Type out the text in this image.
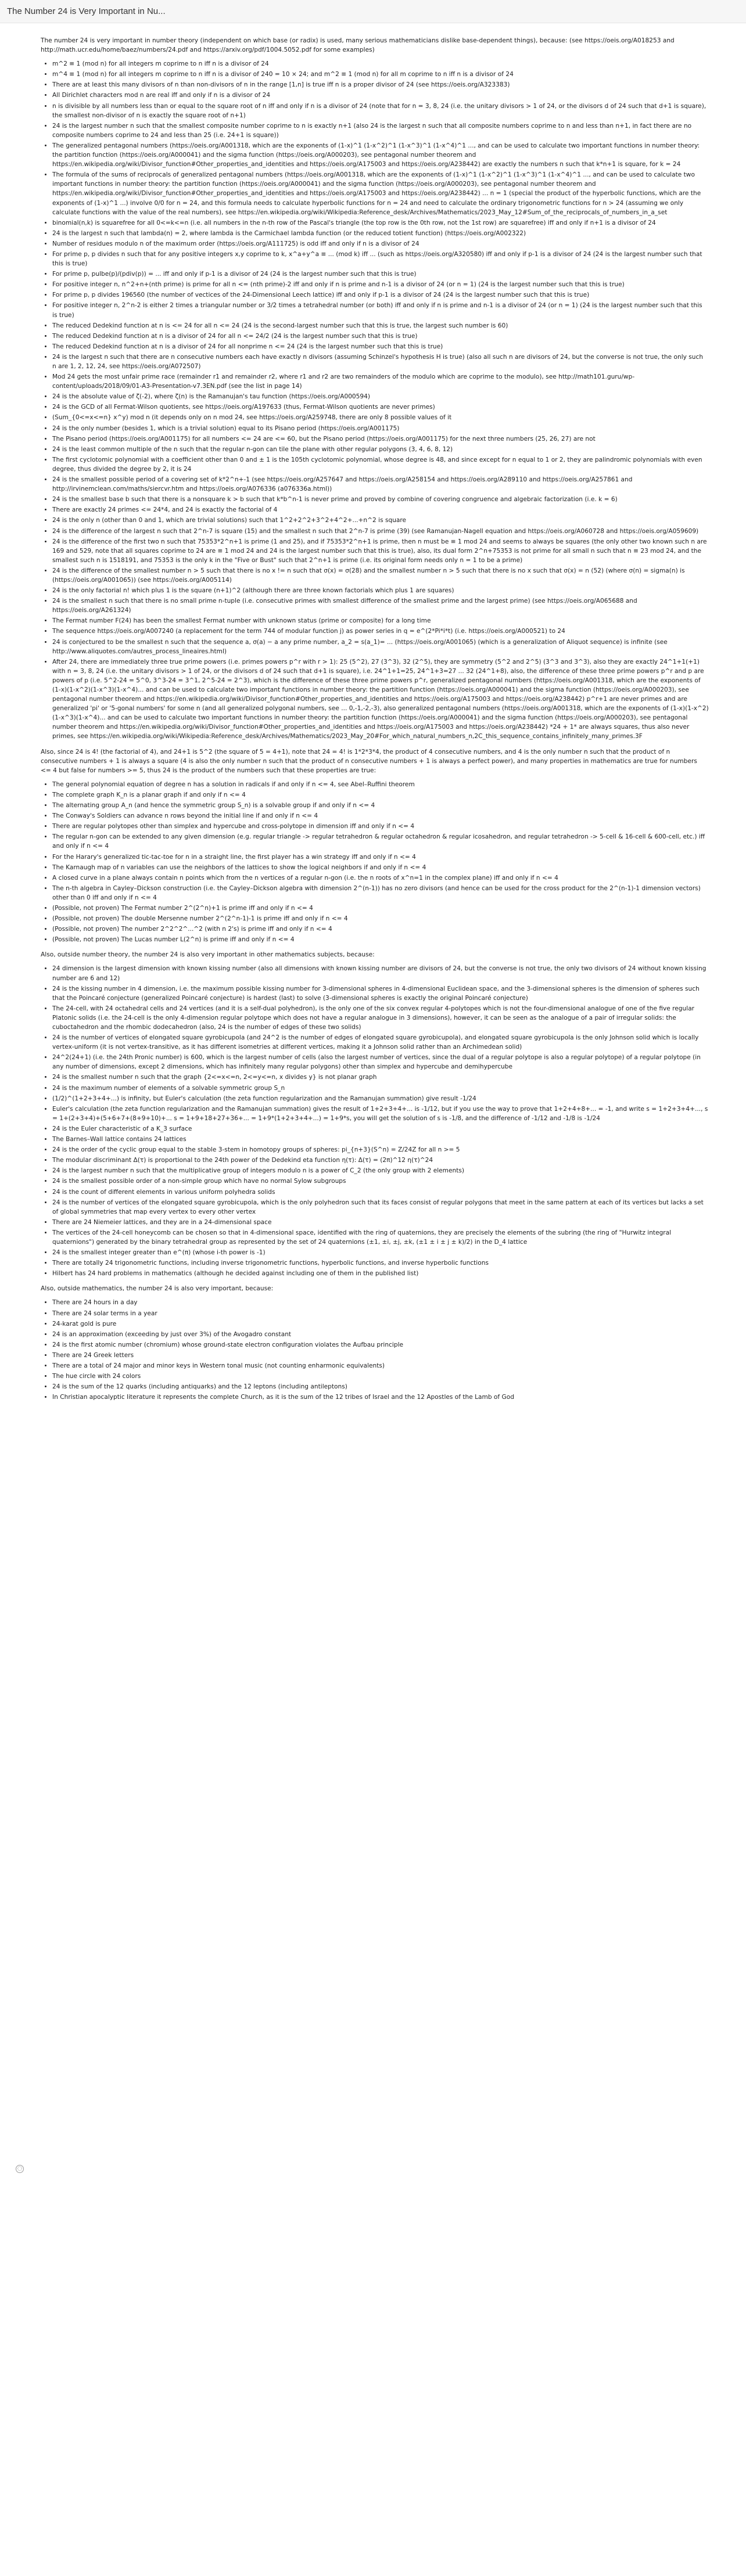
The Number 24 is Very Important in Nu...
◌

The number 24 is very important in number theory (independent on which base (or radix) is used, many serious mathematicians dislike base-dependent things), because: (see https://oeis.org/A018253 and http://math.ucr.edu/home/baez/numbers/24.pdf and https://arxiv.org/pdf/1004.5052.pdf for some examples)

• m^2 ≡ 1 (mod n) for all integers m coprime to n iff n is a divisor of 24
• m^4 ≡ 1 (mod n) for all integers m coprime to n iff n is a divisor of 240 = 10 × 24; and m^2 ≡ 1 (mod n) for all m coprime to n iff n is a divisor of 24
• There are at least this many divisors of n than non-divisors of n in the range [1,n] is true iff n is a proper divisor of 24 (see https://oeis.org/A323383)
• All Dirichlet characters mod n are real iff and only if n is a divisor of 24
• n is divisible by all numbers less than or equal to the square root of n iff and only if n is a divisor of 24 (note that for n = 3, 8, 24 (i.e. the unitary divisors > 1 of 24, or the divisors d of 24 such that d+1 is square), the smallest non-divisor of n is exactly the square root of n+1)
• 24 is the largest number n such that the smallest composite number coprime to n is exactly n+1 (also 24 is the largest n such that all composite numbers coprime to n and less than n+1, in fact there are no composite numbers coprime to 24 and less than 25 (i.e. 24+1 is square))
• The generalized pentagonal numbers (https://oeis.org/A001318, which are the exponents of (1-x)^1 (1-x^2)^1 (1-x^3)^1 (1-x^4)^1 ..., and can be used to calculate two important functions in number theory: the partition function (https://oeis.org/A000041) and the sigma function (https://oeis.org/A000203), see pentagonal number theorem and https://en.wikipedia.org/wiki/Divisor_function#Other_properties_and_identities and https://oeis.org/A175003 and https://oeis.org/A238442) are exactly the numbers n such that k*n+1 is square, for k = 24
• The formula of the sums of reciprocals of generalized pentagonal numbers (https://oeis.org/A001318, which are the exponents of (1-x)^1 (1-x^2)^1 (1-x^3)^1 (1-x^4)^1 ..., and can be used to calculate two important functions in number theory: the partition function (https://oeis.org/A000041) and the sigma function (https://oeis.org/A000203), see pentagonal number theorem and https://en.wikipedia.org/wiki/Divisor_function#Other_properties_and_identities and https://oeis.org/A175003 and https://oeis.org/A238442) ... n = 1 (special the product of the hyperbolic functions, which are the exponents of (1-x)^1 ...) involve 0/0 for n = 24, and this formula needs to calculate hyperbolic functions for n = 24 and need to calculate the ordinary trigonometric functions for n > 24 (assuming we only calculate functions with the value of the real numbers), see https://en.wikipedia.org/wiki/Wikipedia:Reference_desk/Archives/Mathematics/2023_May_12#Sum_of_the_reciprocals_of_numbers_in_a_set
• binomial(n,k) is squarefree for all 0<=k<=n (i.e. all numbers in the n-th row of the Pascal's triangle (the top row is the 0th row, not the 1st row) are squarefree) iff and only if n+1 is a divisor of 24
• 24 is the largest n such that lambda(n) = 2, where lambda is the Carmichael lambda function (or the reduced totient function) (https://oeis.org/A002322)
• Number of residues modulo n of the maximum order (https://oeis.org/A111725) is odd iff and only if n is a divisor of 24
• For prime p, p divides n such that for any positive integers x,y coprime to k, x^a+y^a ≡ ... (mod k) iff ... (such as https://oeis.org/A320580) iff and only if p-1 is a divisor of 24 (24 is the largest number such that this is true)
• For prime p, pulbe(p)/(pdiv(p)) = ... iff and only if p-1 is a divisor of 24 (24 is the largest number such that this is true)
• For positive integer n, n^2+n+(nth prime) is prime for all n <= (nth prime)-2 iff and only if n is prime and n-1 is a divisor of 24 (or n = 1) (24 is the largest number such that this is true)
• For prime p, p divides 196560 (the number of vectices of the 24-Dimensional Leech lattice) iff and only if p-1 is a divisor of 24 (24 is the largest number such that this is true)
• For positive integer n, 2^n-2 is either 2 times a triangular number or 3/2 times a tetrahedral number (or both) iff and only if n is prime and n-1 is a divisor of 24 (or n = 1) (24 is the largest number such that this is true)
• The reduced Dedekind function at n is <= 24 for all n <= 24 (24 is the second-largest number such that this is true, the largest such number is 60)
• The reduced Dedekind function at n is a divisor of 24 for all n <= 24/2 (24 is the largest number such that this is true)
• The reduced Dedekind function at n is a divisor of 24 for all nonprime n <= 24 (24 is the largest number such that this is true)
• 24 is the largest n such that there are n consecutive numbers each have exactly n divisors (assuming Schinzel's hypothesis H is true) (also all such n are divisors of 24, but the converse is not true, the only such n are 1, 2, 12, 24, see https://oeis.org/A072507)
• Mod 24 gets the most unfair prime race (remainder r1 and remainder r2, where r1 and r2 are two remainders of the modulo which are coprime to the modulo), see http://math101.guru/wp-content/uploads/2018/09/01-A3-Presentation-v7.3EN.pdf (see the list in page 14)
• 24 is the absolute value of ζ(-2), where ζ(n) is the Ramanujan's tau function (https://oeis.org/A000594)
• 24 is the GCD of all Fermat-Wilson quotients, see https://oeis.org/A197633 (thus, Fermat-Wilson quotients are never primes)
• (Sum_{0<=x<=n} x^y) mod n (it depends only on n mod 24, see https://oeis.org/A259748, there are only 8 possible values of it
• 24 is the only number (besides 1, which is a trivial solution) equal to its Pisano period (https://oeis.org/A001175)
• The Pisano period (https://oeis.org/A001175) for all numbers <= 24 are <= 60, but the Pisano period (https://oeis.org/A001175) for the next three numbers (25, 26, 27) are not
• 24 is the least common multiple of the n such that the regular n-gon can tile the plane with other regular polygons (3, 4, 6, 8, 12)
• The first cyclotomic polynomial with a coefficient other than 0 and ± 1 is the 105th cyclotomic polynomial, whose degree is 48, and since except for n equal to 1 or 2, they are palindromic polynomials with even degree, thus divided the degree by 2, it is 24
• 24 is the smallest possible period of a covering set of k*2^n+-1 (see https://oeis.org/A257647 and https://oeis.org/A258154 and https://oeis.org/A289110 and https://oeis.org/A257861 and http://irvinemclean.com/maths/siercvr.htm and https://oeis.org/A076336 (a076336a.html))
• 24 is the smallest base b such that there is a nonsquare k > b such that k*b^n-1 is never prime and proved by combine of covering congruence and algebraic factorization (i.e. k = 6)
• There are exactly 24 primes <= 24*4, and 24 is exactly the factorial of 4
• 24 is the only n (other than 0 and 1, which are trivial solutions) such that 1^2+2^2+3^2+4^2+...+n^2 is square
• 24 is the difference of the largest n such that 2^n-7 is square (15) and the smallest n such that 2^n-7 is prime (39) (see Ramanujan-Nagell equation and https://oeis.org/A060728 and https://oeis.org/A059609)
• 24 is the difference of the first two n such that 75353*2^n+1 is prime (1 and 25), and if 75353*2^n+1 is prime, then n must be ≡ 1 mod 24 and seems to always be squares (the only other two known such n are 169 and 529, note that all squares coprime to 24 are ≡ 1 mod 24 and 24 is the largest number such that this is true), also, its dual form 2^n+75353 is not prime for all small n such that n ≡ 23 mod 24, and the smallest such n is 1518191, and 75353 is the only k in the "Five or Bust" such that 2^n+1 is prime (i.e. its original form needs only n = 1 to be a prime)
• 24 is the difference of the smallest number n > 5 such that there is no x != n such that σ(x) = σ(28) and the smallest number n > 5 such that there is no x such that σ(x) = n (52) (where σ(n) = sigma(n) is (https://oeis.org/A001065)) (see https://oeis.org/A005114)
• 24 is the only factorial n! which plus 1 is the square (n+1)^2 (although there are three known factorials which plus 1 are squares)
• 24 is the smallest n such that there is no small prime n-tuple (i.e. consecutive primes with smallest difference of the smallest prime and the largest prime) (see https://oeis.org/A065688 and https://oeis.org/A261324)
• The Fermat number F(24) has been the smallest Fermat number with unknown status (prime or composite) for a long time
• The sequence https://oeis.org/A007240 (a replacement for the term 744 of modular function j) as power series in q = e^(2*Pi*i*t) (i.e. https://oeis.org/A000521) to 24
• 24 is conjectured to be the smallest n such that the sequence a, σ(a) − a any prime number, a_2 = s(a_1)= ... (https://oeis.org/A001065) (which is a generalization of Aliquot sequence) is infinite (see http://www.aliquotes.com/autres_process_lineaires.html)
• After 24, there are immediately three true prime powers (i.e. primes powers p^r with r > 1): 25 (5^2), 27 (3^3), 32 (2^5), they are symmetry (5^2 and 2^5) (3^3 and 3^3), also they are exactly 24^1+1(+1) with n = 3, 8, 24 (i.e. the unitary divisors > 1 of 24, or the divisors d of 24 such that d+1 is square), i.e. 24^1+1=25, 24^1+3=27 ... 32 (24^1+8), also, the difference of these three prime powers p^r and p are powers of p (i.e. 5^2-24 = 5^0, 3^3-24 = 3^1, 2^5-24 = 2^3), which is the difference of these three prime powers p^r, generalized pentagonal numbers (https://oeis.org/A001318, which are the exponents of (1-x)(1-x^2)(1-x^3)(1-x^4)... and can be used to calculate two important functions in number theory: the partition function (https://oeis.org/A000041) and the sigma function (https://oeis.org/A000203), see pentagonal number theorem and https://en.wikipedia.org/wiki/Divisor_function#Other_properties_and_identities and https://oeis.org/A175003 and https://oeis.org/A238442) p^r+1 are never primes and are generalized 'pi' or '5-gonal numbers' for some n (and all generalized polygonal numbers, see ... 0,-1,-2,-3), also generalized pentagonal numbers (https://oeis.org/A001318, which are the exponents of (1-x)(1-x^2)(1-x^3)(1-x^4)... and can be used to calculate two important functions in number theory: the partition function (https://oeis.org/A000041) and the sigma function (https://oeis.org/A000203), see pentagonal number theorem and https://en.wikipedia.org/wiki/Divisor_function#Other_properties_and_identities and https://oeis.org/A175003 and https://oeis.org/A238442) *24 + 1* are always squares, thus also never primes, see https://en.wikipedia.org/wiki/Wikipedia:Reference_desk/Archives/Mathematics/2023_May_20#For_which_natural_numbers_n,2C_this_sequence_contains_infinitely_many_primes.3F

Also, since 24 is 4! (the factorial of 4), and 24+1 is 5^2 (the square of 5 = 4+1), note that 24 = 4! is 1*2*3*4, the product of 4 consecutive numbers, and 4 is the only number n such that the product of n consecutive numbers + 1 is always a square (4 is also the only number n such that the product of n consecutive numbers + 1 is always a perfect power), and many properties in mathematics are true for numbers <= 4 but false for numbers >= 5, thus 24 is the product of the numbers such that these properties are true:

• The general polynomial equation of degree n has a solution in radicals if and only if n <= 4, see Abel–Ruffini theorem
• The complete graph K_n is a planar graph if and only if n <= 4
• The alternating group A_n (and hence the symmetric group S_n) is a solvable group if and only if n <= 4
• The Conway's Soldiers can advance n rows beyond the initial line if and only if n <= 4
• There are regular polytopes other than simplex and hypercube and cross-polytope in dimension iff and only if n <= 4
• The regular n-gon can be extended to any given dimension (e.g. regular triangle -> regular tetrahedron & regular octahedron & regular icosahedron, and regular tetrahedron -> 5-cell & 16-cell & 600-cell, etc.) iff and only if n <= 4
• For the Harary's generalized tic-tac-toe for n in a straight line, the first player has a win strategy iff and only if n <= 4
• The Karnaugh map of n variables can use the neighbors of the lattices to show the logical neighbors if and only if n <= 4
• A closed curve in a plane always contain n points which from the n vertices of a regular n-gon (i.e. the n roots of x^n=1 in the complex plane) iff and only if n <= 4
• The n-th algebra in Cayley–Dickson construction (i.e. the Cayley–Dickson algebra with dimension 2^(n-1)) has no zero divisors (and hence can be used for the cross product for the 2^(n-1)-1 dimension vectors) other than 0 iff and only if n <= 4
• (Possible, not proven) The Fermat number 2^(2^n)+1 is prime iff and only if n <= 4
• (Possible, not proven) The double Mersenne number 2^(2^n-1)-1 is prime iff and only if n <= 4
• (Possible, not proven) The number 2^2^2^...^2 (with n 2's) is prime iff and only if n <= 4
• (Possible, not proven) The Lucas number L(2^n) is prime iff and only if n <= 4

Also, outside number theory, the number 24 is also very important in other mathematics subjects, because:

• 24 dimension is the largest dimension with known kissing number (also all dimensions with known kissing number are divisors of 24, but the converse is not true, the only two divisors of 24 without known kissing number are 6 and 12)
• 24 is the kissing number in 4 dimension, i.e. the maximum possible kissing number for 3-dimensional spheres in 4-dimensional Euclidean space, and the 3-dimensional spheres is the dimension of spheres such that the Poincaré conjecture (generalized Poincaré conjecture) is hardest (last) to solve (3-dimensional spheres is exactly the original Poincaré conjecture)
• The 24-cell, with 24 octahedral cells and 24 vertices (and it is a self-dual polyhedron), is the only one of the six convex regular 4-polytopes which is not the four-dimensional analogue of one of the five regular Platonic solids (i.e. the 24-cell is the only 4-dimension regular polytope which does not have a regular analogue in 3 dimensions), however, it can be seen as the analogue of a pair of irregular solids: the cuboctahedron and the rhombic dodecahedron (also, 24 is the number of edges of these two solids)
• 24 is the number of vertices of elongated square gyrobicupola (and 24^2 is the number of edges of elongated square gyrobicupola), and elongated square gyrobicupola is the only Johnson solid which is locally vertex-uniform (it is not vertex-transitive, as it has different isometries at different vertices, making it a Johnson solid rather than an Archimedean solid)
• 24^2(24+1) (i.e. the 24th Pronic number) is 600, which is the largest number of cells (also the largest number of vertices, since the dual of a regular polytope is also a regular polytope) of a regular polytope (in any number of dimensions, except 2 dimensions, which has infinitely many regular polygons) other than simplex and hypercube and demihypercube
• 24 is the smallest number n such that the graph {2<=x<=n, 2<=y<=n, x divides y} is not planar graph
• 24 is the maximum number of elements of a solvable symmetric group S_n
• (1/2)^(1+2+3+4+...) is infinity, but Euler's calculation (the zeta function regularization and the Ramanujan summation) give result -1/24
• Euler's calculation (the zeta function regularization and the Ramanujan summation) gives the result of 1+2+3+4+... is -1/12, but if you use the way to prove that 1+2+4+8+... = -1, and write s = 1+2+3+4+..., s = 1+(2+3+4)+(5+6+7+(8+9+10)+... s = 1+9+18+27+36+... = 1+9*(1+2+3+4+...) = 1+9*s, you will get the solution of s is -1/8, and the difference of -1/12 and -1/8 is -1/24
• 24 is the Euler characteristic of a K_3 surface
• The Barnes–Wall lattice contains 24 lattices
• 24 is the order of the cyclic group equal to the stable 3-stem in homotopy groups of spheres: pi_{n+3}(S^n) = Z/24Z for all n >= 5
• The modular discriminant Δ(τ) is proportional to the 24th power of the Dedekind eta function η(τ): Δ(τ) = (2π)^12 η(τ)^24
• 24 is the largest number n such that the multiplicative group of integers modulo n is a power of C_2 (the only group with 2 elements)
• 24 is the smallest possible order of a non-simple group which have no normal Sylow subgroups
• 24 is the count of different elements in various uniform polyhedra solids
• 24 is the number of vertices of the elongated square gyrobicupola, which is the only polyhedron such that its faces consist of regular polygons that meet in the same pattern at each of its vertices but lacks a set of global symmetries that map every vertex to every other vertex
• There are 24 Niemeier lattices, and they are in a 24-dimensional space
• The vertices of the 24-cell honeycomb can be chosen so that in 4-dimensional space, identified with the ring of quaternions, they are precisely the elements of the subring (the ring of "Hurwitz integral quaternions") generated by the binary tetrahedral group as represented by the set of 24 quaternions (±1, ±i, ±j, ±k, (±1 ± i ± j ± k)/2) in the D_4 lattice
• 24 is the smallest integer greater than e^(π) (whose i-th power is -1)
• There are totally 24 trigonometric functions, including inverse trigonometric functions, hyperbolic functions, and inverse hyperbolic functions
• Hilbert has 24 hard problems in mathematics (although he decided against including one of them in the published list)

Also, outside mathematics, the number 24 is also very important, because:

• There are 24 hours in a day
• There are 24 solar terms in a year
• 24-karat gold is pure
• 24 is an approximation (exceeding by just over 3%) of the Avogadro constant
• 24 is the first atomic number (chromium) whose ground-state electron configuration violates the Aufbau principle
• There are 24 Greek letters
• There are a total of 24 major and minor keys in Western tonal music (not counting enharmonic equivalents)
• The hue circle with 24 colors
• 24 is the sum of the 12 quarks (including antiquarks) and the 12 leptons (including antileptons)
• In Christian apocalyptic literature it represents the complete Church, as it is the sum of the 12 tribes of Israel and the 12 Apostles of the Lamb of God
